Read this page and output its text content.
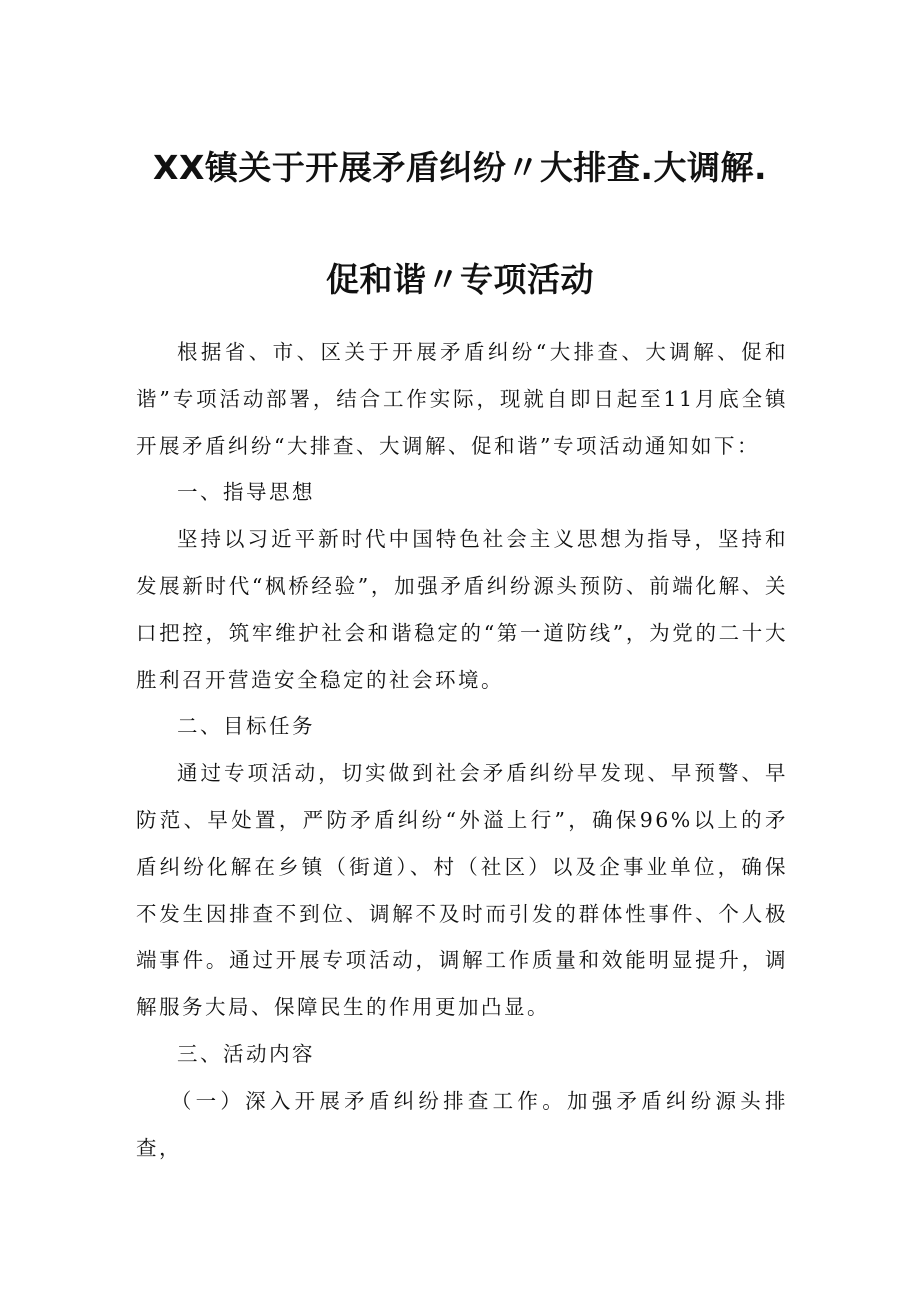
XX镇关于开展矛盾纠纷〃大排查.大调解.
促和谐〃专项活动

根据省、市、区关于开展矛盾纠纷“大排查、大调解、促和谐”专项活动部署，结合工作实际，现就自即日起至11月底全镇开展矛盾纠纷“大排查、大调解、促和谐”专项活动通知如下：

一、指导思想

坚持以习近平新时代中国特色社会主义思想为指导，坚持和发展新时代“枫桥经验”，加强矛盾纠纷源头预防、前端化解、关口把控，筑牢维护社会和谐稳定的“第一道防线”，为党的二十大胜利召开营造安全稳定的社会环境。

二、目标任务

通过专项活动，切实做到社会矛盾纠纷早发现、早预警、早防范、早处置，严防矛盾纠纷“外溢上行”，确保96%以上的矛盾纠纷化解在乡镇（街道）、村（社区）以及企事业单位，确保不发生因排查不到位、调解不及时而引发的群体性事件、个人极端事件。通过开展专项活动，调解工作质量和效能明显提升，调解服务大局、保障民生的作用更加凸显。

三、活动内容

（一）深入开展矛盾纠纷排查工作。加强矛盾纠纷源头排查，
